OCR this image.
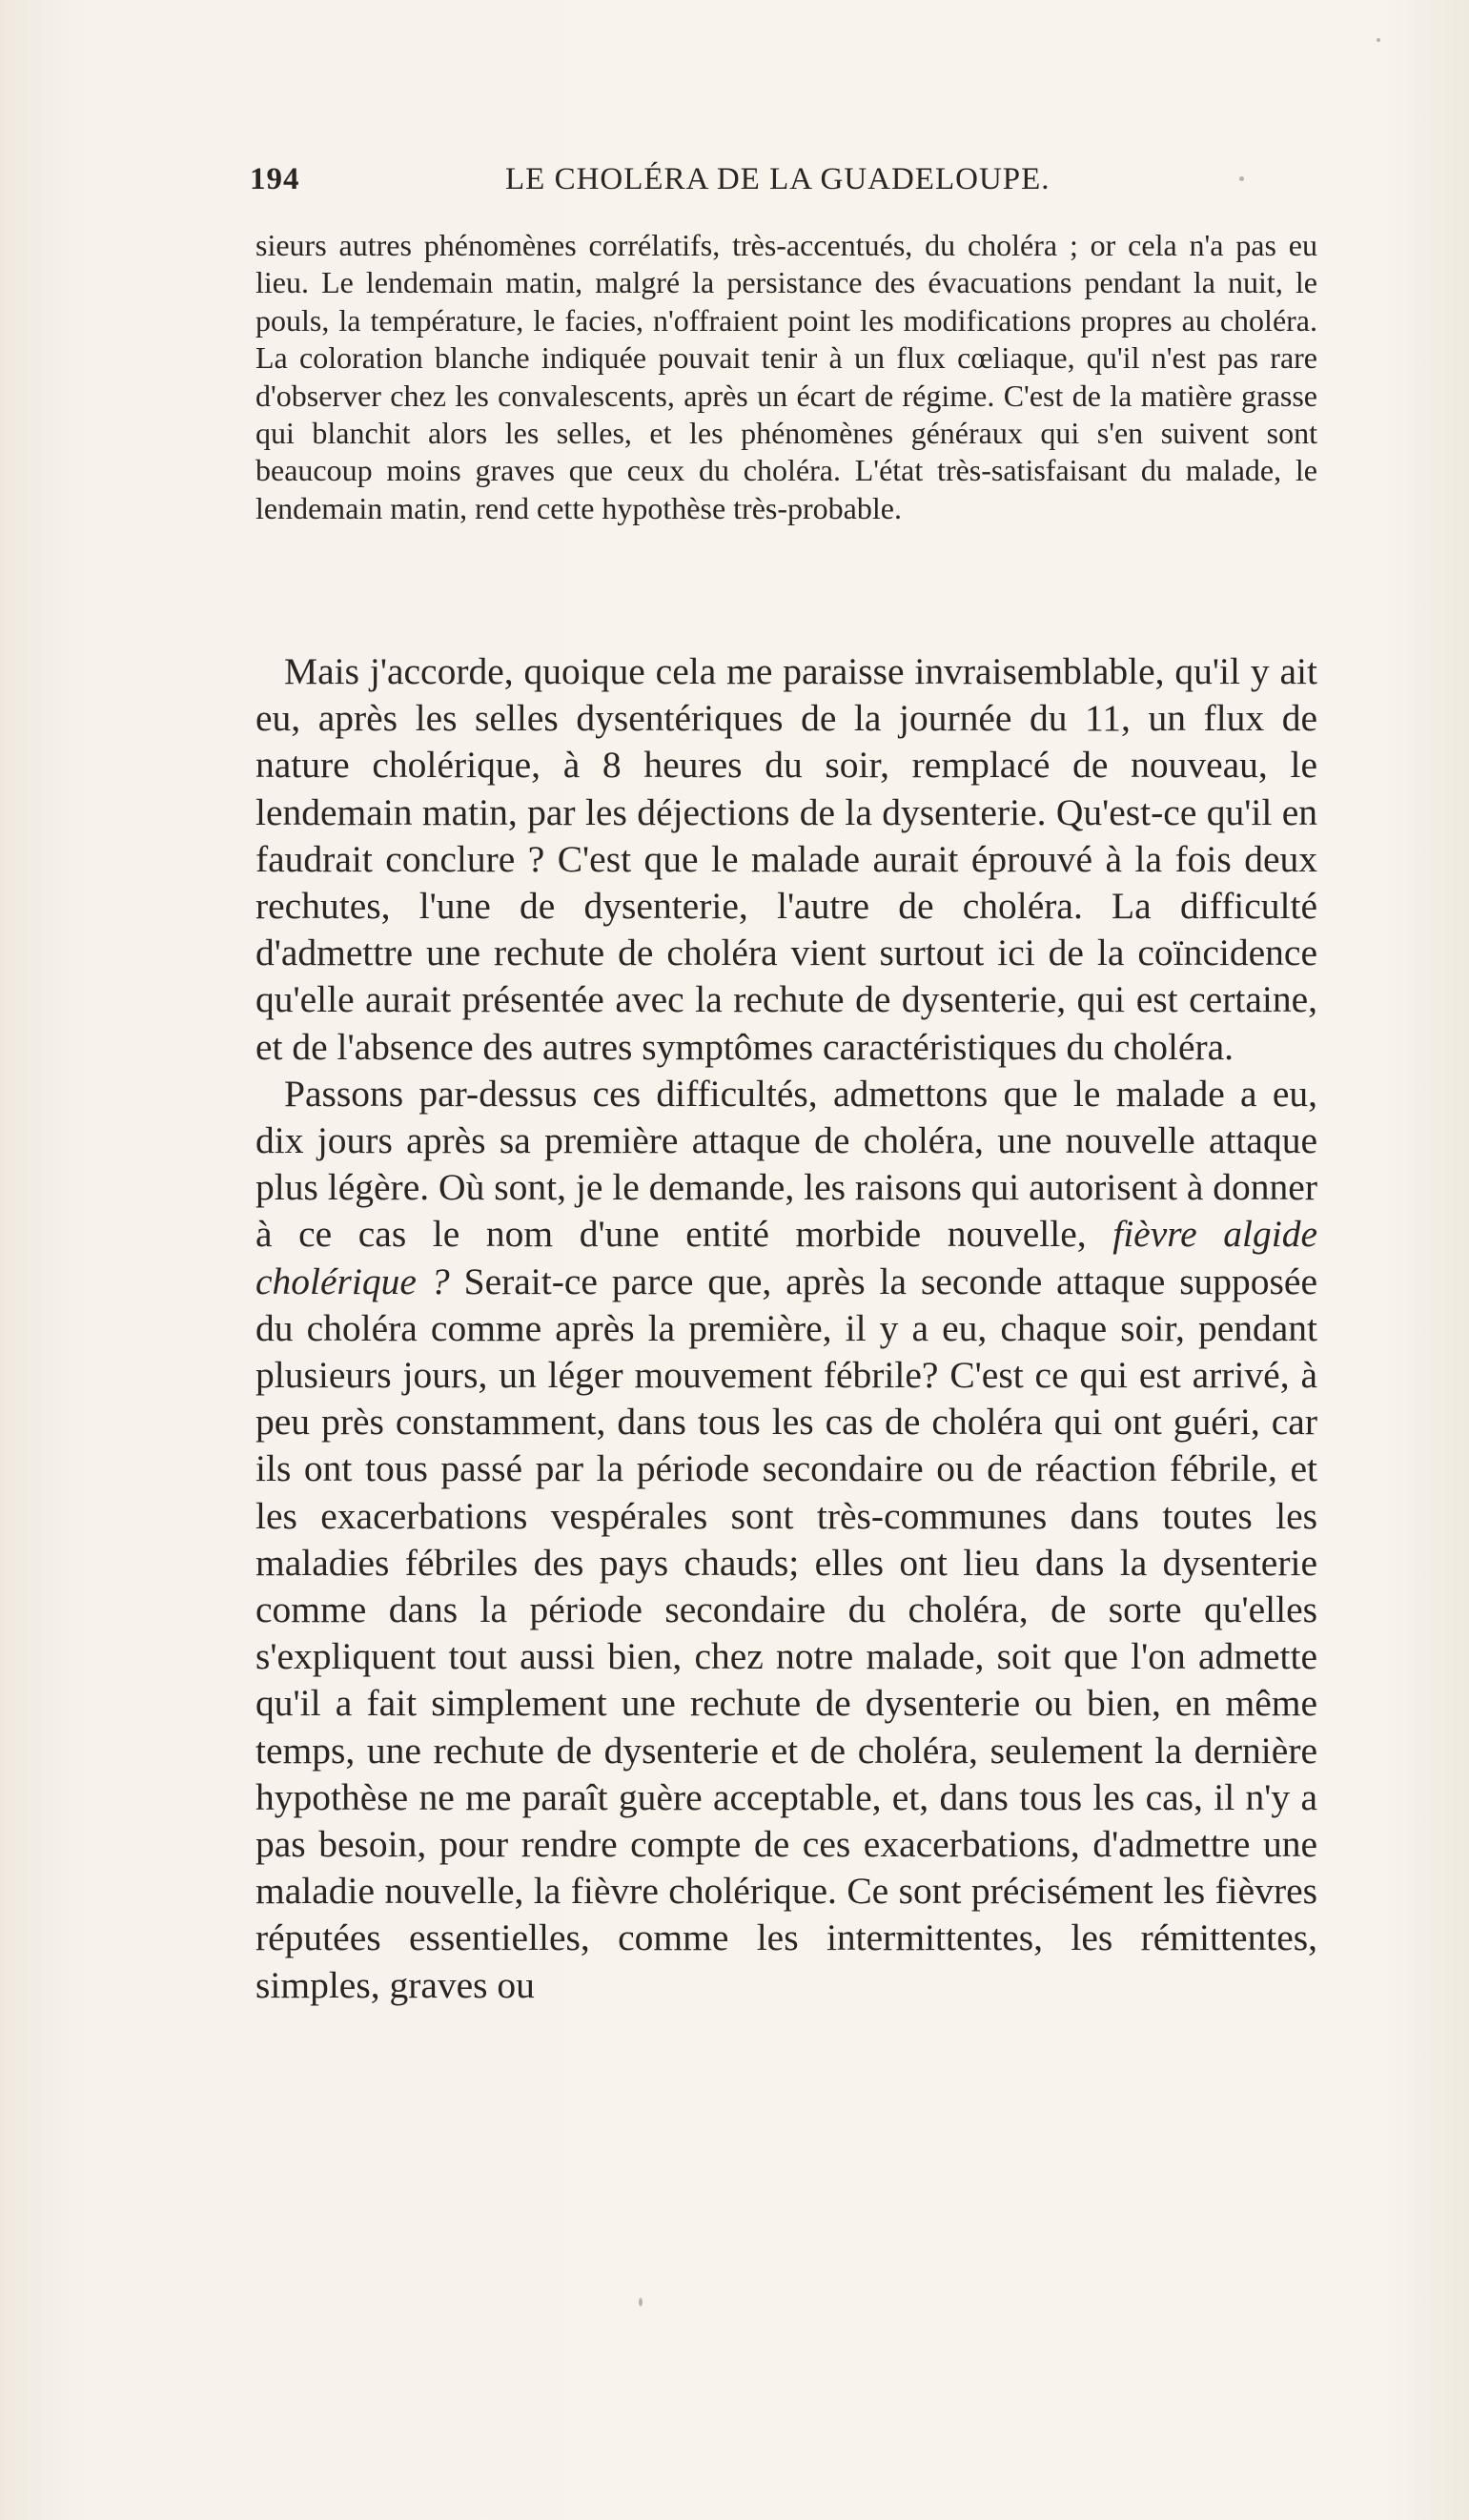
194	LE CHOLÉRA DE LA GUADELOUPE.

sieurs autres phénomènes corrélatifs, très-accentués, du choléra ; or cela n'a pas eu lieu. Le lendemain matin, malgré la persistance des évacuations pendant la nuit, le pouls, la température, le facies, n'offraient point les modifications propres au choléra. La coloration blanche indiquée pouvait tenir à un flux cœliaque, qu'il n'est pas rare d'observer chez les convalescents, après un écart de régime. C'est de la matière grasse qui blanchit alors les selles, et les phénomènes généraux qui s'en suivent sont beaucoup moins graves que ceux du choléra. L'état très-satisfaisant du malade, le lendemain matin, rend cette hypothèse très-probable.

Mais j'accorde, quoique cela me paraisse invraisemblable, qu'il y ait eu, après les selles dysentériques de la journée du 11, un flux de nature cholérique, à 8 heures du soir, remplacé de nouveau, le lendemain matin, par les déjections de la dysenterie. Qu'est-ce qu'il en faudrait conclure ? C'est que le malade aurait éprouvé à la fois deux rechutes, l'une de dysenterie, l'autre de choléra. La difficulté d'admettre une rechute de choléra vient surtout ici de la coïncidence qu'elle aurait présentée avec la rechute de dysenterie, qui est certaine, et de l'absence des autres symptômes caractéristiques du choléra.

Passons par-dessus ces difficultés, admettons que le malade a eu, dix jours après sa première attaque de choléra, une nouvelle attaque plus légère. Où sont, je le demande, les raisons qui autorisent à donner à ce cas le nom d'une entité morbide nouvelle, fièvre algide cholérique ? Serait-ce parce que, après la seconde attaque supposée du choléra comme après la première, il y a eu, chaque soir, pendant plusieurs jours, un léger mouvement fébrile? C'est ce qui est arrivé, à peu près constamment, dans tous les cas de choléra qui ont guéri, car ils ont tous passé par la période secondaire ou de réaction fébrile, et les exacerbations vespérales sont très-communes dans toutes les maladies fébriles des pays chauds; elles ont lieu dans la dysenterie comme dans la période secondaire du choléra, de sorte qu'elles s'expliquent tout aussi bien, chez notre malade, soit que l'on admette qu'il a fait simplement une rechute de dysenterie ou bien, en même temps, une rechute de dysenterie et de choléra, seulement la dernière hypothèse ne me paraît guère acceptable, et, dans tous les cas, il n'y a pas besoin, pour rendre compte de ces exacerbations, d'admettre une maladie nouvelle, la fièvre cholérique. Ce sont précisément les fièvres réputées essentielles, comme les intermittentes, les rémittentes, simples, graves ou
